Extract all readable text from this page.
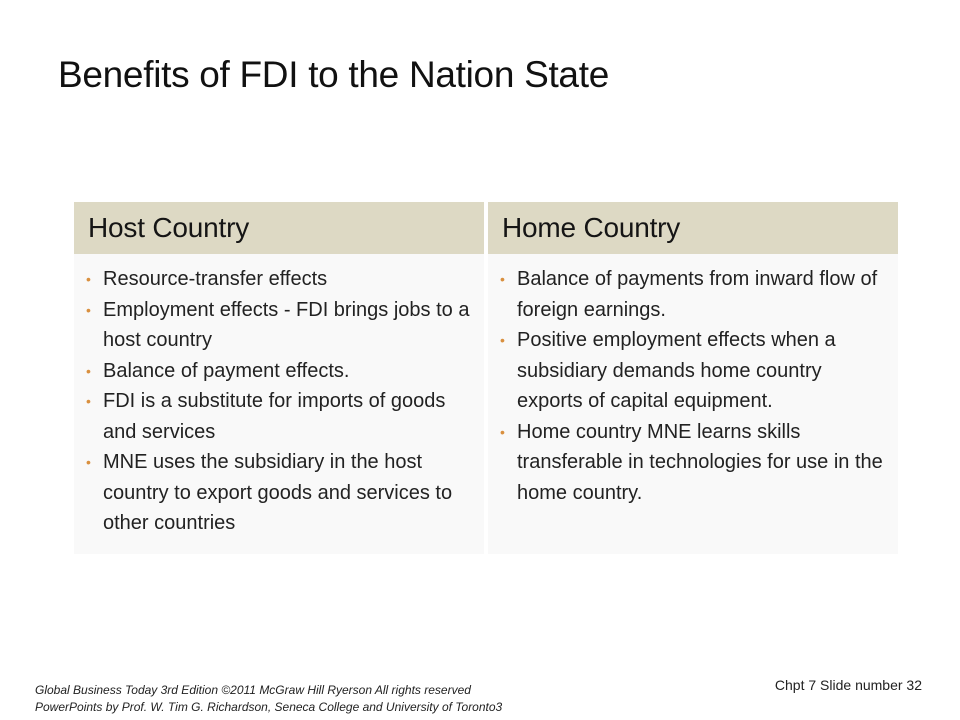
Benefits of FDI to the Nation State
Host Country
• Resource-transfer effects
• Employment effects - FDI brings jobs to a host country
• Balance of payment effects.
• FDI is a substitute for imports of goods and services
• MNE uses the subsidiary in the host country to export goods and services to other countries
Home Country
• Balance of payments from inward flow of foreign earnings.
• Positive employment effects when a subsidiary demands home country exports of capital equipment.
• Home country MNE learns skills transferable in technologies for use in the home country.
Global Business Today 3rd Edition ©2011 McGraw Hill Ryerson All rights reserved
PowerPoints by Prof. W. Tim G. Richardson, Seneca College and University of Toronto3
Chpt 7 Slide number 32
